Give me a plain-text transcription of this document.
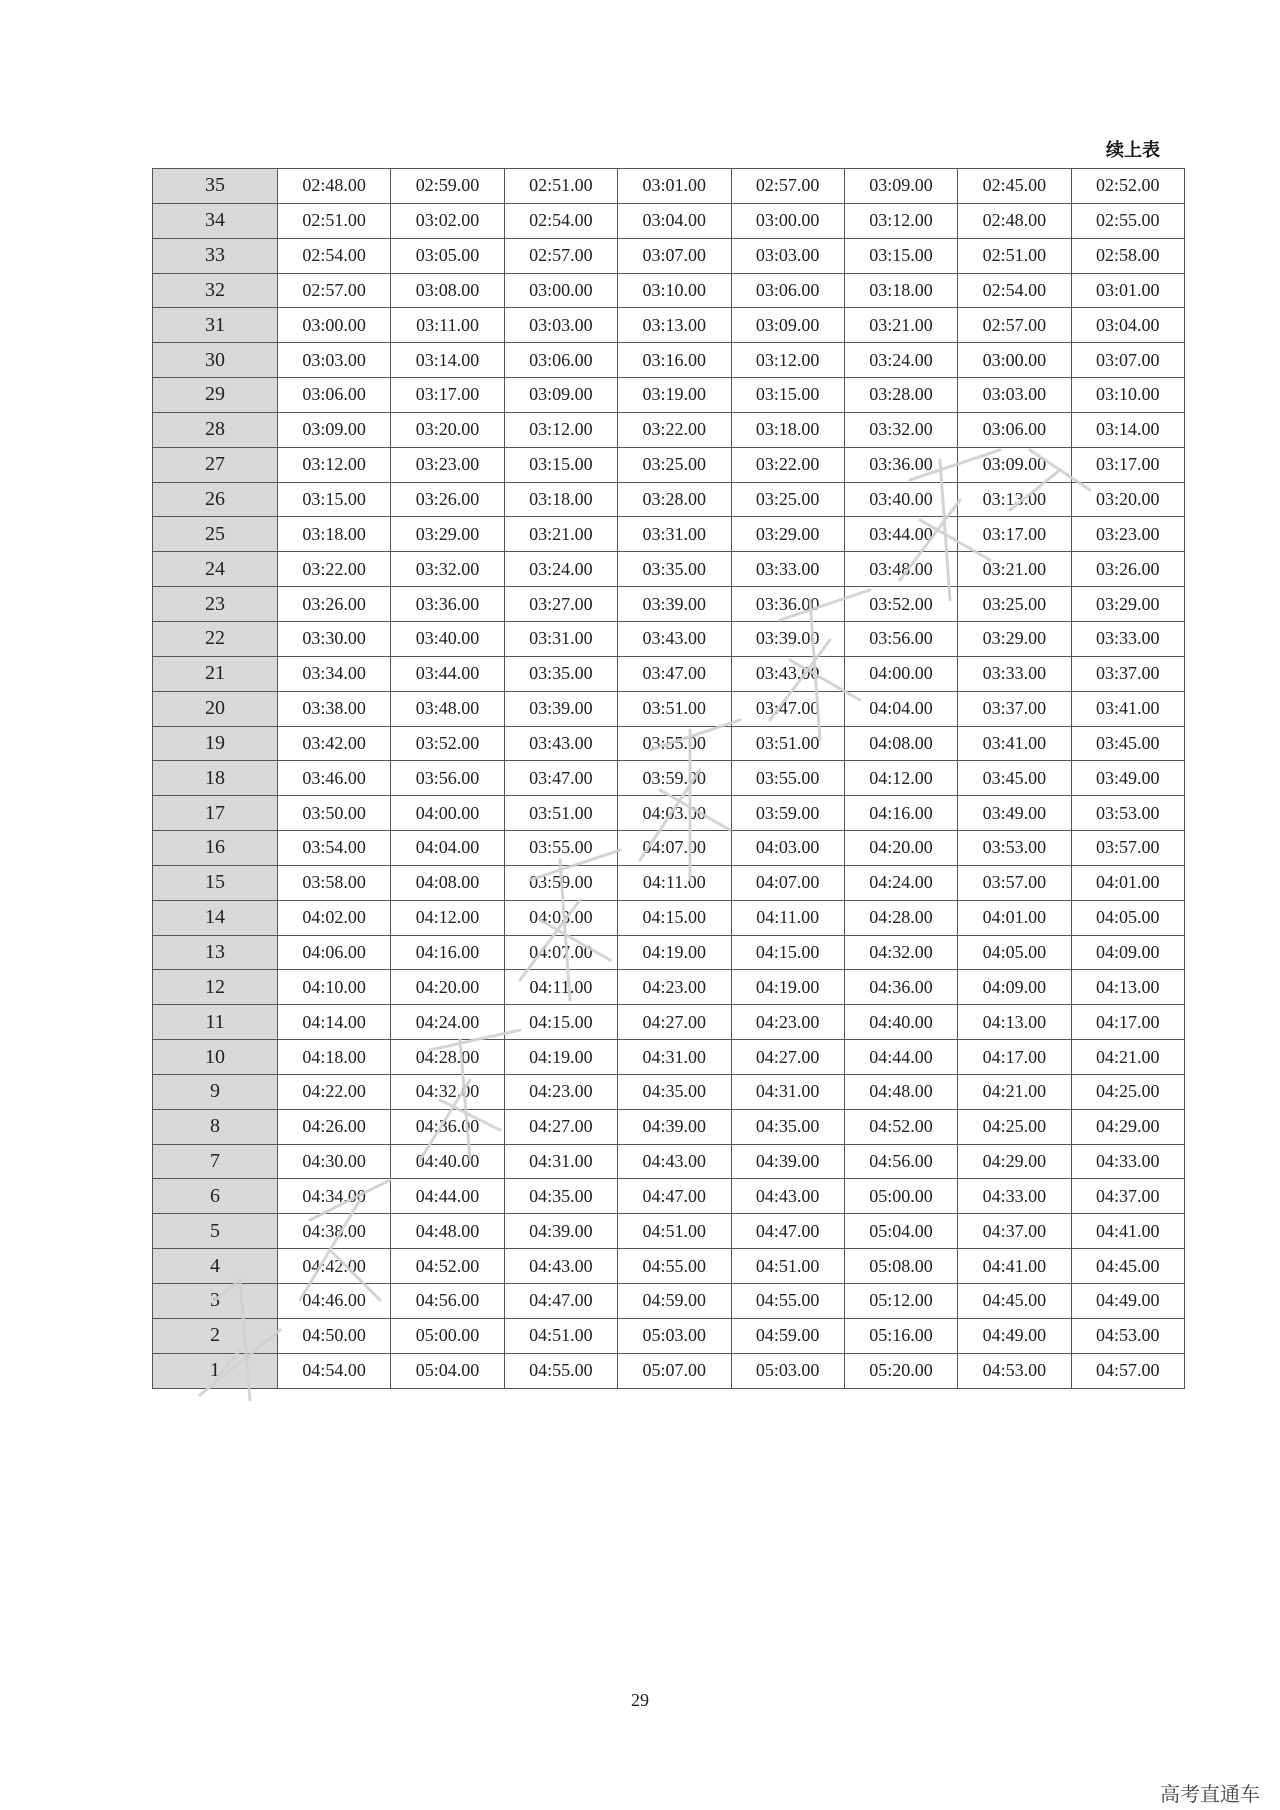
续上表
35	02:48.00	02:59.00	02:51.00	03:01.00	02:57.00	03:09.00	02:45.00	02:52.00
34	02:51.00	03:02.00	02:54.00	03:04.00	03:00.00	03:12.00	02:48.00	02:55.00
33	02:54.00	03:05.00	02:57.00	03:07.00	03:03.00	03:15.00	02:51.00	02:58.00
32	02:57.00	03:08.00	03:00.00	03:10.00	03:06.00	03:18.00	02:54.00	03:01.00
31	03:00.00	03:11.00	03:03.00	03:13.00	03:09.00	03:21.00	02:57.00	03:04.00
30	03:03.00	03:14.00	03:06.00	03:16.00	03:12.00	03:24.00	03:00.00	03:07.00
29	03:06.00	03:17.00	03:09.00	03:19.00	03:15.00	03:28.00	03:03.00	03:10.00
28	03:09.00	03:20.00	03:12.00	03:22.00	03:18.00	03:32.00	03:06.00	03:14.00
27	03:12.00	03:23.00	03:15.00	03:25.00	03:22.00	03:36.00	03:09.00	03:17.00
26	03:15.00	03:26.00	03:18.00	03:28.00	03:25.00	03:40.00	03:13.00	03:20.00
25	03:18.00	03:29.00	03:21.00	03:31.00	03:29.00	03:44.00	03:17.00	03:23.00
24	03:22.00	03:32.00	03:24.00	03:35.00	03:33.00	03:48.00	03:21.00	03:26.00
23	03:26.00	03:36.00	03:27.00	03:39.00	03:36.00	03:52.00	03:25.00	03:29.00
22	03:30.00	03:40.00	03:31.00	03:43.00	03:39.00	03:56.00	03:29.00	03:33.00
21	03:34.00	03:44.00	03:35.00	03:47.00	03:43.00	04:00.00	03:33.00	03:37.00
20	03:38.00	03:48.00	03:39.00	03:51.00	03:47.00	04:04.00	03:37.00	03:41.00
19	03:42.00	03:52.00	03:43.00	03:55.00	03:51.00	04:08.00	03:41.00	03:45.00
18	03:46.00	03:56.00	03:47.00	03:59.00	03:55.00	04:12.00	03:45.00	03:49.00
17	03:50.00	04:00.00	03:51.00	04:03.00	03:59.00	04:16.00	03:49.00	03:53.00
16	03:54.00	04:04.00	03:55.00	04:07.00	04:03.00	04:20.00	03:53.00	03:57.00
15	03:58.00	04:08.00	03:59.00	04:11.00	04:07.00	04:24.00	03:57.00	04:01.00
14	04:02.00	04:12.00	04:03.00	04:15.00	04:11.00	04:28.00	04:01.00	04:05.00
13	04:06.00	04:16.00	04:07.00	04:19.00	04:15.00	04:32.00	04:05.00	04:09.00
12	04:10.00	04:20.00	04:11.00	04:23.00	04:19.00	04:36.00	04:09.00	04:13.00
11	04:14.00	04:24.00	04:15.00	04:27.00	04:23.00	04:40.00	04:13.00	04:17.00
10	04:18.00	04:28.00	04:19.00	04:31.00	04:27.00	04:44.00	04:17.00	04:21.00
9	04:22.00	04:32.00	04:23.00	04:35.00	04:31.00	04:48.00	04:21.00	04:25.00
8	04:26.00	04:36.00	04:27.00	04:39.00	04:35.00	04:52.00	04:25.00	04:29.00
7	04:30.00	04:40.00	04:31.00	04:43.00	04:39.00	04:56.00	04:29.00	04:33.00
6	04:34.00	04:44.00	04:35.00	04:47.00	04:43.00	05:00.00	04:33.00	04:37.00
5	04:38.00	04:48.00	04:39.00	04:51.00	04:47.00	05:04.00	04:37.00	04:41.00
4	04:42.00	04:52.00	04:43.00	04:55.00	04:51.00	05:08.00	04:41.00	04:45.00
3	04:46.00	04:56.00	04:47.00	04:59.00	04:55.00	05:12.00	04:45.00	04:49.00
2	04:50.00	05:00.00	04:51.00	05:03.00	04:59.00	05:16.00	04:49.00	04:53.00
1	04:54.00	05:04.00	04:55.00	05:07.00	05:03.00	05:20.00	04:53.00	04:57.00
29
高考直通车
